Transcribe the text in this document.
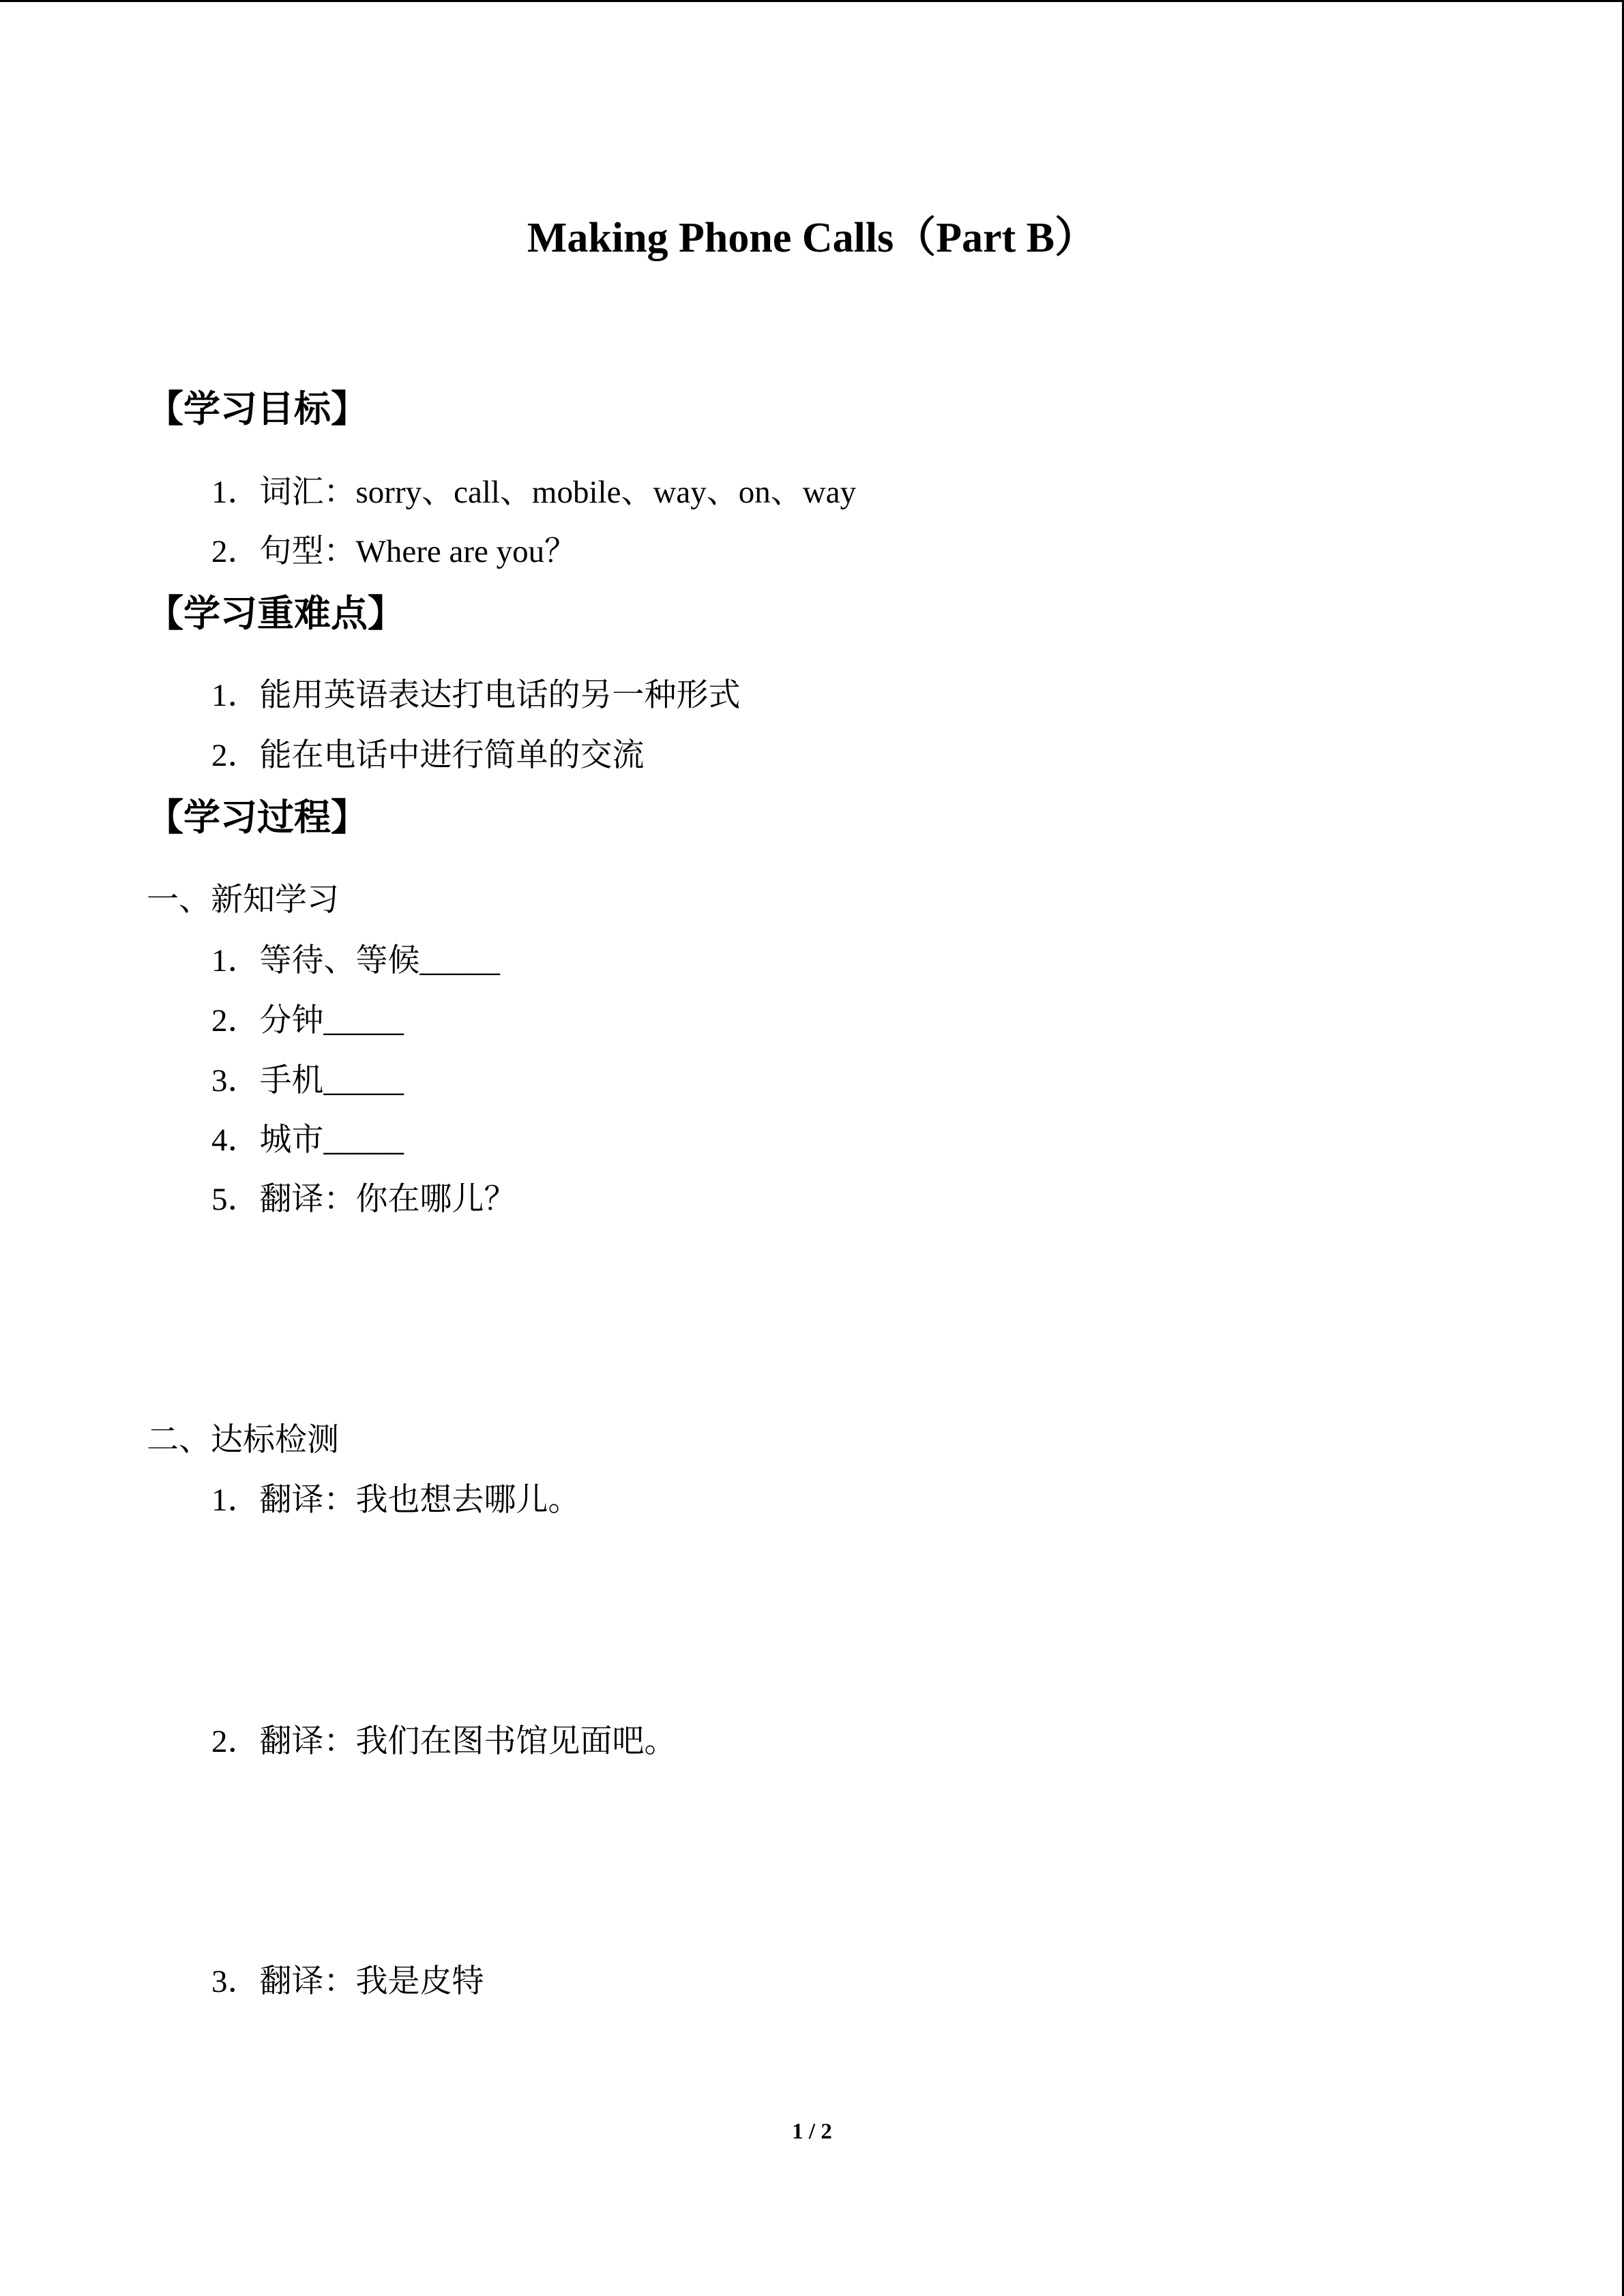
Making Phone Calls（Part B）
【学习目标】
1．词汇：sorry、call、mobile、way、on、way
2．句型：Where are you？
【学习重难点】
1．能用英语表达打电话的另一种形式
2．能在电话中进行简单的交流
【学习过程】
一、新知学习
1．等待、等候_____
2．分钟_____
3．手机_____
4．城市_____
5．翻译：你在哪儿？
二、达标检测
1．翻译：我也想去哪儿。
2．翻译：我们在图书馆见面吧。
3．翻译：我是皮特
1 / 2
